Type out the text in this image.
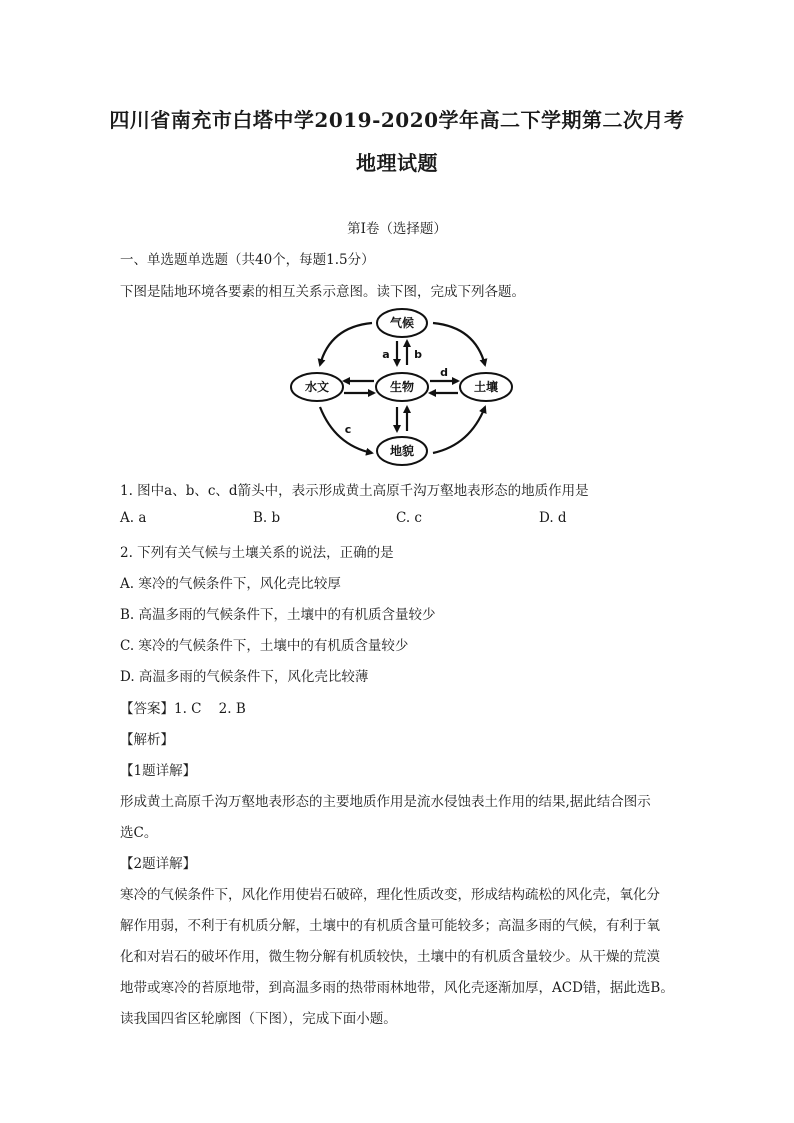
四川省南充市白塔中学2019-2020学年高二下学期第二次月考
地理试题
第Ⅰ卷（选择题）
一、单选题单选题（共40个，每题1.5分）
下图是陆地环境各要素的相互关系示意图。读下图，完成下列各题。
气候
水文	生物	土壤
地貌
a b
c
d
1. 图中a、b、c、d箭头中，表示形成黄土高原千沟万壑地表形态的地质作用是
A. a	B. b	C. c	D. d
2. 下列有关气候与土壤关系的说法，正确的是
A. 寒冷的气候条件下，风化壳比较厚
B. 高温多雨的气候条件下，土壤中的有机质含量较少
C. 寒冷的气候条件下，土壤中的有机质含量较少
D. 高温多雨的气候条件下，风化壳比较薄
【答案】1. C    2. B
【解析】
【1题详解】
形成黄土高原千沟万壑地表形态的主要地质作用是流水侵蚀表土作用的结果,据此结合图示
选C。
【2题详解】
寒冷的气候条件下，风化作用使岩石破碎，理化性质改变，形成结构疏松的风化壳，氧化分
解作用弱，不利于有机质分解，土壤中的有机质含量可能较多；高温多雨的气候，有利于氧
化和对岩石的破坏作用，微生物分解有机质较快，土壤中的有机质含量较少。从干燥的荒漠
地带或寒冷的苔原地带，到高温多雨的热带雨林地带，风化壳逐渐加厚，ACD错，据此选B。
读我国四省区轮廓图（下图），完成下面小题。
